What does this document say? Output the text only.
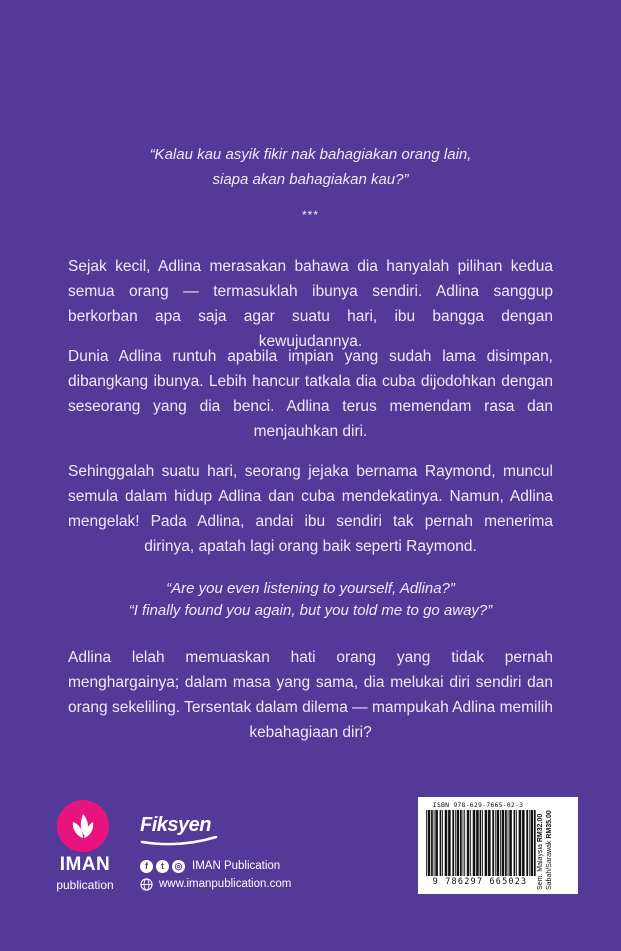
“Kalau kau asyik fikir nak bahagiakan orang lain,
siapa akan bahagiakan kau?”
***
Sejak kecil, Adlina merasakan bahawa dia hanyalah pilihan kedua semua orang — termasuklah ibunya sendiri. Adlina sanggup berkorban apa saja agar suatu hari, ibu bangga dengan kewujudannya.
Dunia Adlina runtuh apabila impian yang sudah lama disimpan, dibangkang ibunya. Lebih hancur tatkala dia cuba dijodohkan dengan seseorang yang dia benci. Adlina terus memendam rasa dan menjauhkan diri.
Sehinggalah suatu hari, seorang jejaka bernama Raymond, muncul semula dalam hidup Adlina dan cuba mendekatinya. Namun, Adlina mengelak! Pada Adlina, andai ibu sendiri tak pernah menerima dirinya, apatah lagi orang baik seperti Raymond.
“Are you even listening to yourself, Adlina?”
“I finally found you again, but you told me to go away?”
Adlina lelah memuaskan hati orang yang tidak pernah menghargainya; dalam masa yang sama, dia melukai diri sendiri dan orang sekeliling. Tersentak dalam dilema — mampukah Adlina memilih kebahagiaan diri?
IMAN
publication
Fiksyen
f	t	◎ IMAN Publication
www.imanpublication.com
ISBN 978-629-7665-02-3
9 786297 665023	Sem. Malaysia RM32.00
Sabah/Sarawak RM35.00
